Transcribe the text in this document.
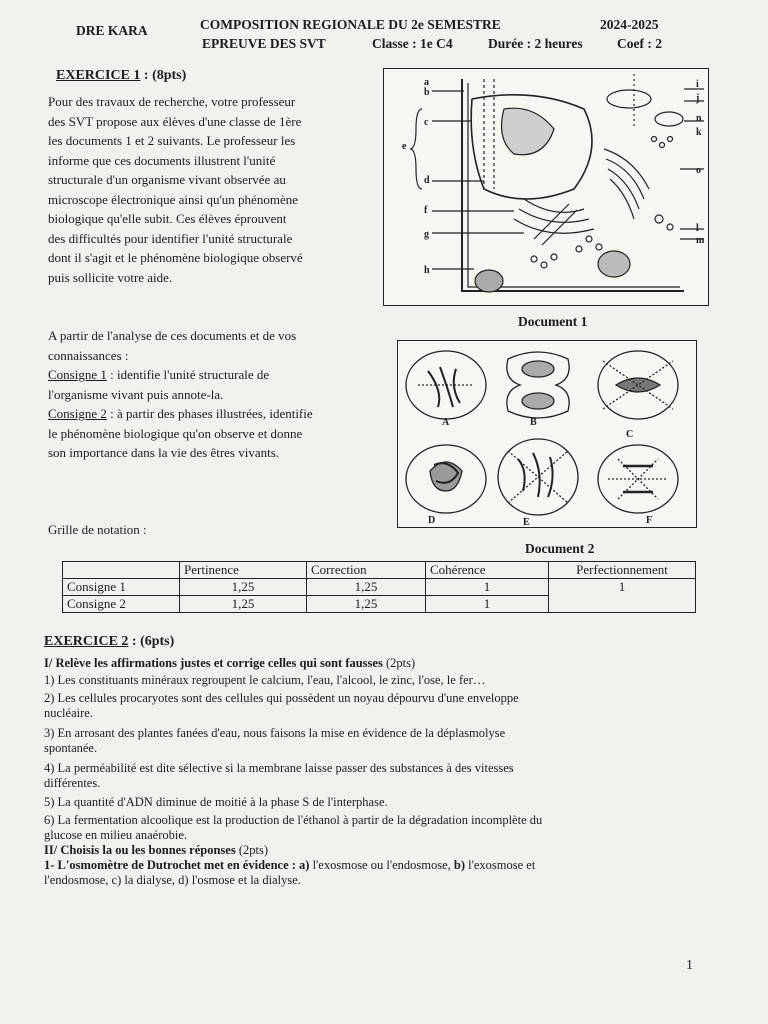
DRE KARA	COMPOSITION REGIONALE DU 2e SEMESTRE	2024-2025
EPREUVE DES SVT	Classe : 1e C4	Durée : 2 heures	Coef : 2
EXERCICE 1 : (8pts)
Pour des travaux de recherche, votre professeur
des SVT propose aux élèves d'une classe de 1ère
les documents 1 et 2 suivants. Le professeur les
informe que ces documents illustrent l'unité
structurale d'un organisme vivant observée au
microscope électronique ainsi qu'un phénomène
biologique qu'elle subit. Ces élèves éprouvent
des difficultés pour identifier l'unité structurale
dont il s'agit et le phénomène biologique observé
puis sollicite votre aide.
a
b
c
e
d
f
g
h
i
j
n
k
o
l
m
Document 1
A partir de l'analyse de ces documents et de vos
connaissances :
Consigne 1 : identifie l'unité structurale de
l'organisme vivant puis annote-la.
Consigne 2 : à partir des phases illustrées, identifie
le phénomène biologique qu'on observe et donne
son importance dans la vie des êtres vivants.
A	B
C
D	E	F
Grille de notation :
Document 2
	Pertinence	Correction	Cohérence	Perfectionnement
Consigne 1	1,25	1,25	1	1
Consigne 2	1,25	1,25	1	
EXERCICE 2 : (6pts)
I/ Relève les affirmations justes et corrige celles qui sont fausses (2pts)
1) Les constituants minéraux regroupent le calcium, l'eau, l'alcool, le zinc, l'ose, le fer…
2) Les cellules procaryotes sont des cellules qui possèdent un noyau dépourvu d'une enveloppe
nucléaire.
3) En arrosant des plantes fanées d'eau, nous faisons la mise en évidence de la déplasmolyse
spontanée.
4) La perméabilité est dite sélective si la membrane laisse passer des substances à des vitesses
différentes.
5) La quantité d'ADN diminue de moitié à la phase S de l'interphase.
6) La fermentation alcoolique est la production de l'éthanol à partir de la dégradation incomplète du
glucose en milieu anaérobie.
II/ Choisis la ou les bonnes réponses (2pts)
1- L'osmomètre de Dutrochet met en évidence : a) l'exosmose ou l'endosmose, b) l'exosmose et
l'endosmose, c) la dialyse, d) l'osmose et la dialyse.
1
